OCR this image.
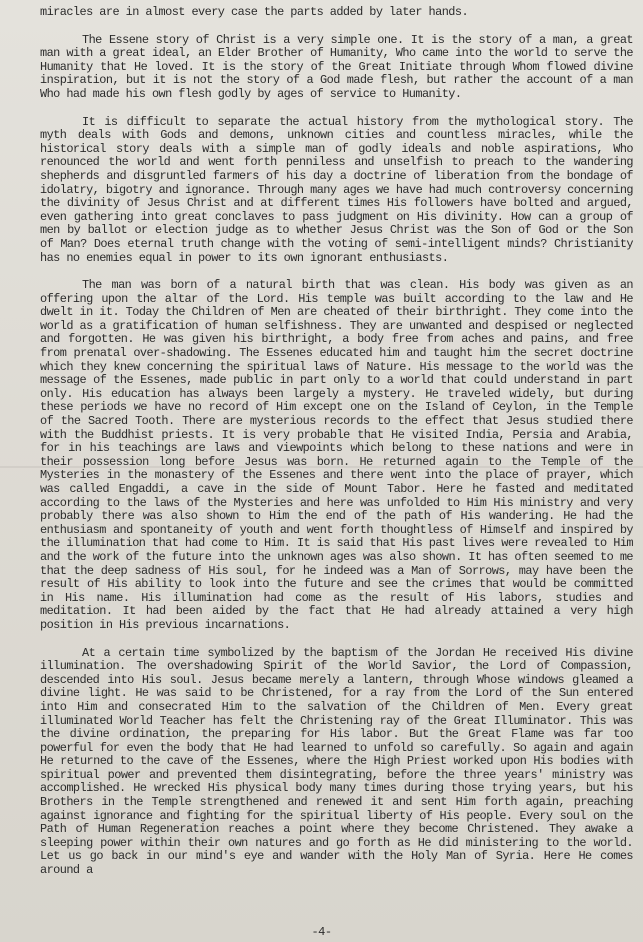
miracles are in almost every case the parts added by later hands.

The Essene story of Christ is a very simple one. It is the story of a man, a great man with a great ideal, an Elder Brother of Humanity, Who came into the world to serve the Humanity that He loved. It is the story of the Great Initiate through Whom flowed divine inspiration, but it is not the story of a God made flesh, but rather the account of a man Who had made his own flesh godly by ages of service to Humanity.

It is difficult to separate the actual history from the mythological story. The myth deals with Gods and demons, unknown cities and countless miracles, while the historical story deals with a simple man of godly ideals and noble aspirations, Who renounced the world and went forth penniless and unselfish to preach to the wandering shepherds and disgruntled farmers of his day a doctrine of liberation from the bondage of idolatry, bigotry and ignorance. Through many ages we have had much controversy concerning the divinity of Jesus Christ and at different times His followers have bolted and argued, even gathering into great conclaves to pass judgment on His divinity. How can a group of men by ballot or election judge as to whether Jesus Christ was the Son of God or the Son of Man? Does eternal truth change with the voting of semi-intelligent minds? Christianity has no enemies equal in power to its own ignorant enthusiasts.

The man was born of a natural birth that was clean. His body was given as an offering upon the altar of the Lord. His temple was built according to the law and He dwelt in it. Today the Children of Men are cheated of their birthright. They come into the world as a gratification of human selfishness. They are unwanted and despised or neglected and forgotten. He was given his birthright, a body free from aches and pains, and free from prenatal over-shadowing. The Essenes educated him and taught him the secret doctrine which they knew concerning the spiritual laws of Nature. His message to the world was the message of the Essenes, made public in part only to a world that could understand in part only. His education has always been largely a mystery. He traveled widely, but during these periods we have no record of Him except one on the Island of Ceylon, in the Temple of the Sacred Tooth. There are mysterious records to the effect that Jesus studied there with the Buddhist priests. It is very probable that He visited India, Persia and Arabia, for in his teachings are laws and viewpoints which belong to these nations and were in their possession long before Jesus was born. He returned again to the Temple of the Mysteries in the monastery of the Essenes and there went into the place of prayer, which was called Engaddi, a cave in the side of Mount Tabor. Here he fasted and meditated according to the laws of the Mysteries and here was unfolded to Him His ministry and very probably there was also shown to Him the end of the path of His wandering. He had the enthusiasm and spontaneity of youth and went forth thoughtless of Himself and inspired by the illumination that had come to Him. It is said that His past lives were revealed to Him and the work of the future into the unknown ages was also shown. It has often seemed to me that the deep sadness of His soul, for he indeed was a Man of Sorrows, may have been the result of His ability to look into the future and see the crimes that would be committed in His name. His illumination had come as the result of His labors, studies and meditation. It had been aided by the fact that He had already attained a very high position in His previous incarnations.

At a certain time symbolized by the baptism of the Jordan He received His divine illumination. The overshadowing Spirit of the World Savior, the Lord of Compassion, descended into His soul. Jesus became merely a lantern, through Whose windows gleamed a divine light. He was said to be Christened, for a ray from the Lord of the Sun entered into Him and consecrated Him to the salvation of the Children of Men. Every great illuminated World Teacher has felt the Christening ray of the Great Illuminator. This was the divine ordination, the preparing for His labor. But the Great Flame was far too powerful for even the body that He had learned to unfold so carefully. So again and again He returned to the cave of the Essenes, where the High Priest worked upon His bodies with spiritual power and prevented them disintegrating, before the three years' ministry was accomplished. He wrecked His physical body many times during those trying years, but his Brothers in the Temple strengthened and renewed it and sent Him forth again, preaching against ignorance and fighting for the spiritual liberty of His people. Every soul on the Path of Human Regeneration reaches a point where they become Christened. They awake a sleeping power within their own natures and go forth as He did ministering to the world. Let us go back in our mind's eye and wander with the Holy Man of Syria. Here He comes around a

-4-
